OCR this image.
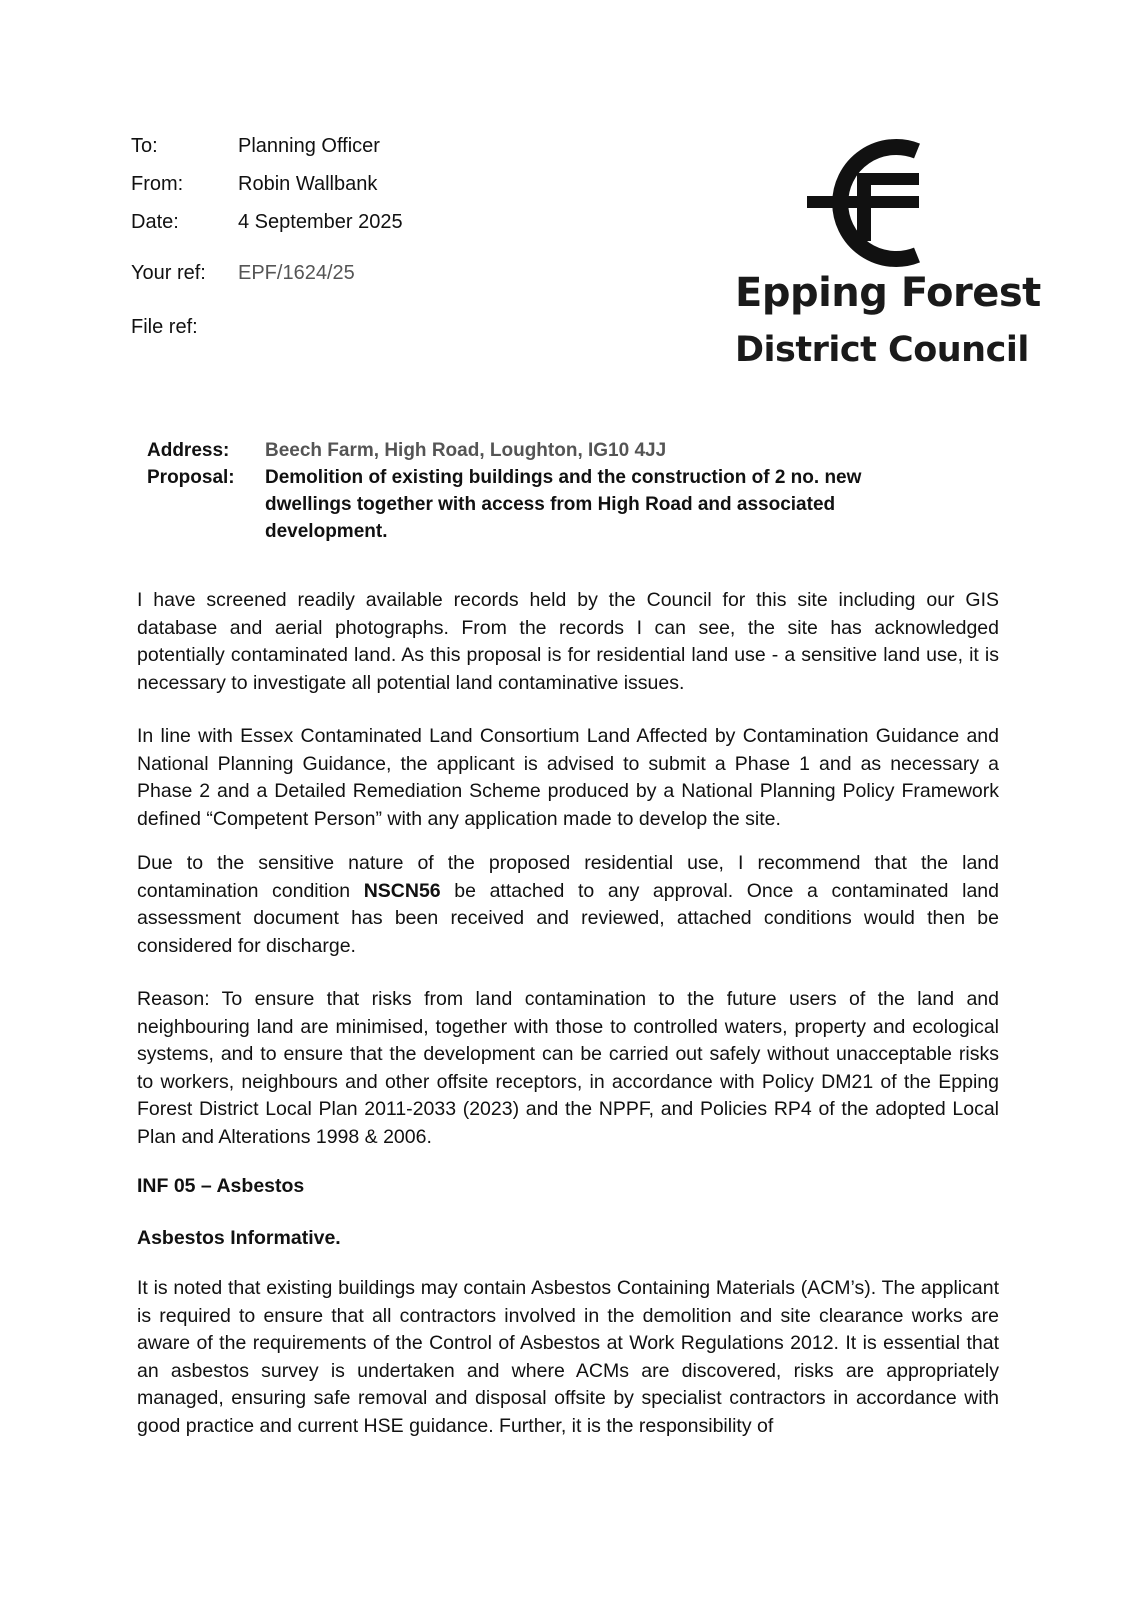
To:	Planning Officer
From:	Robin Wallbank
Date:	4 September 2025
Your ref:	EPF/1624/25
File ref:
Epping Forest
District Council
Address:	Beech Farm, High Road, Loughton, IG10 4JJ
Proposal:	Demolition of existing buildings and the construction of 2 no. new dwellings together with access from High Road and associated development.

I have screened readily available records held by the Council for this site including our GIS database and aerial photographs. From the records I can see, the site has acknowledged potentially contaminated land. As this proposal is for residential land use - a sensitive land use, it is necessary to investigate all potential land contaminative issues.

In line with Essex Contaminated Land Consortium Land Affected by Contamination Guidance and National Planning Guidance, the applicant is advised to submit a Phase 1 and as necessary a Phase 2 and a Detailed Remediation Scheme produced by a National Planning Policy Framework defined “Competent Person” with any application made to develop the site.

Due to the sensitive nature of the proposed residential use, I recommend that the land contamination condition NSCN56 be attached to any approval. Once a contaminated land assessment document has been received and reviewed, attached conditions would then be considered for discharge.

Reason: To ensure that risks from land contamination to the future users of the land and neighbouring land are minimised, together with those to controlled waters, property and ecological systems, and to ensure that the development can be carried out safely without unacceptable risks to workers, neighbours and other offsite receptors, in accordance with Policy DM21 of the Epping Forest District Local Plan 2011-2033 (2023) and the NPPF, and Policies RP4 of the adopted Local Plan and Alterations 1998 & 2006.

INF 05 – Asbestos

Asbestos Informative.

It is noted that existing buildings may contain Asbestos Containing Materials (ACM’s). The applicant is required to ensure that all contractors involved in the demolition and site clearance works are aware of the requirements of the Control of Asbestos at Work Regulations 2012. It is essential that an asbestos survey is undertaken and where ACMs are discovered, risks are appropriately managed, ensuring safe removal and disposal offsite by specialist contractors in accordance with good practice and current HSE guidance. Further, it is the responsibility of
